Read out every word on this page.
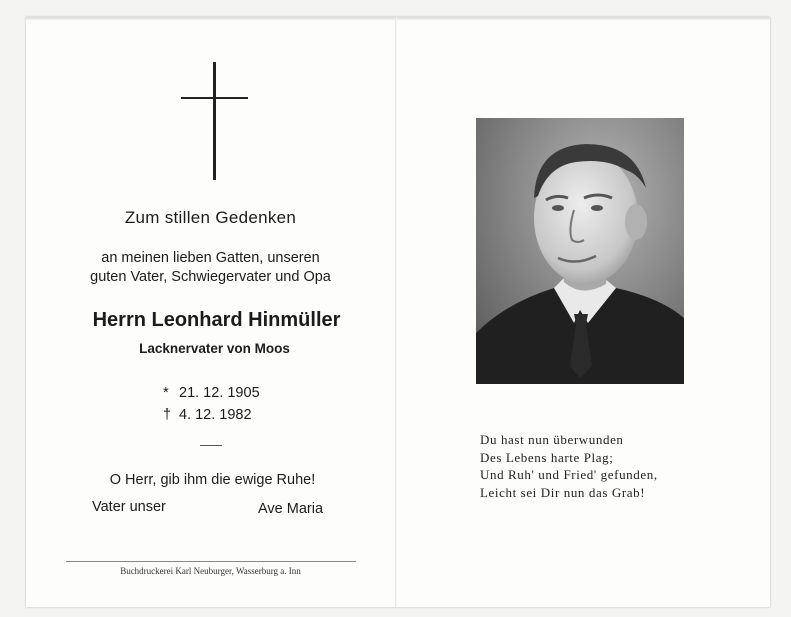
Zum stillen Gedenken
an meinen lieben Gatten, unseren
guten Vater, Schwiegervater und Opa
Herrn Leonhard Hinmüller
Lacknervater von Moos
* 21. 12. 1905
† 4. 12. 1982
O Herr, gib ihm die ewige Ruhe!
Vater unser	Ave Maria
Buchdruckerei Karl Neuburger, Wasserburg a. Inn
Du hast nun überwunden
Des Lebens harte Plag;
Und Ruh' und Fried' gefunden,
Leicht sei Dir nun das Grab!
